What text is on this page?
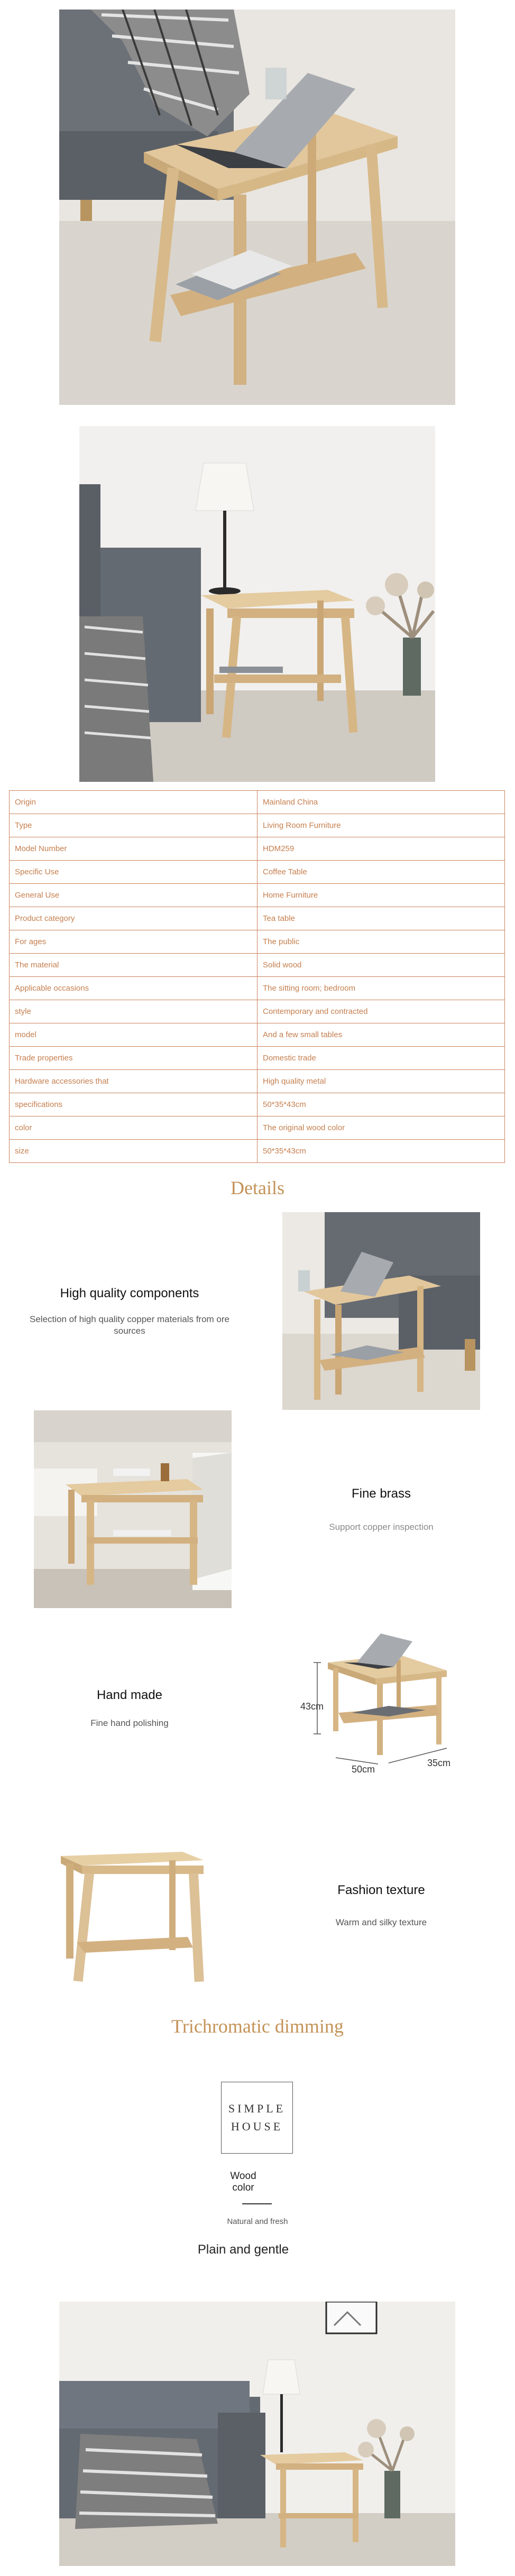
Origin	Mainland China
Type	Living Room Furniture
Model Number	HDM259
Specific Use	Coffee Table
General Use	Home Furniture
Product category	Tea table
For ages	The public
The material	Solid wood
Applicable occasions	The sitting room; bedroom
style	Contemporary and contracted
model	And a few small tables
Trade properties	Domestic trade
Hardware accessories that	High quality metal
specifications	50*35*43cm
color	The original wood color
size	50*35*43cm
Details
High quality components
Selection of high quality copper materials from ore sources
Fine brass
Support copper inspection
Hand made
Fine hand polishing
43cm
50cm
35cm
Fashion texture
Warm and silky texture
Trichromatic dimming
SIMPLE
HOUSE
Wood
color
Natural and fresh
Plain and gentle
